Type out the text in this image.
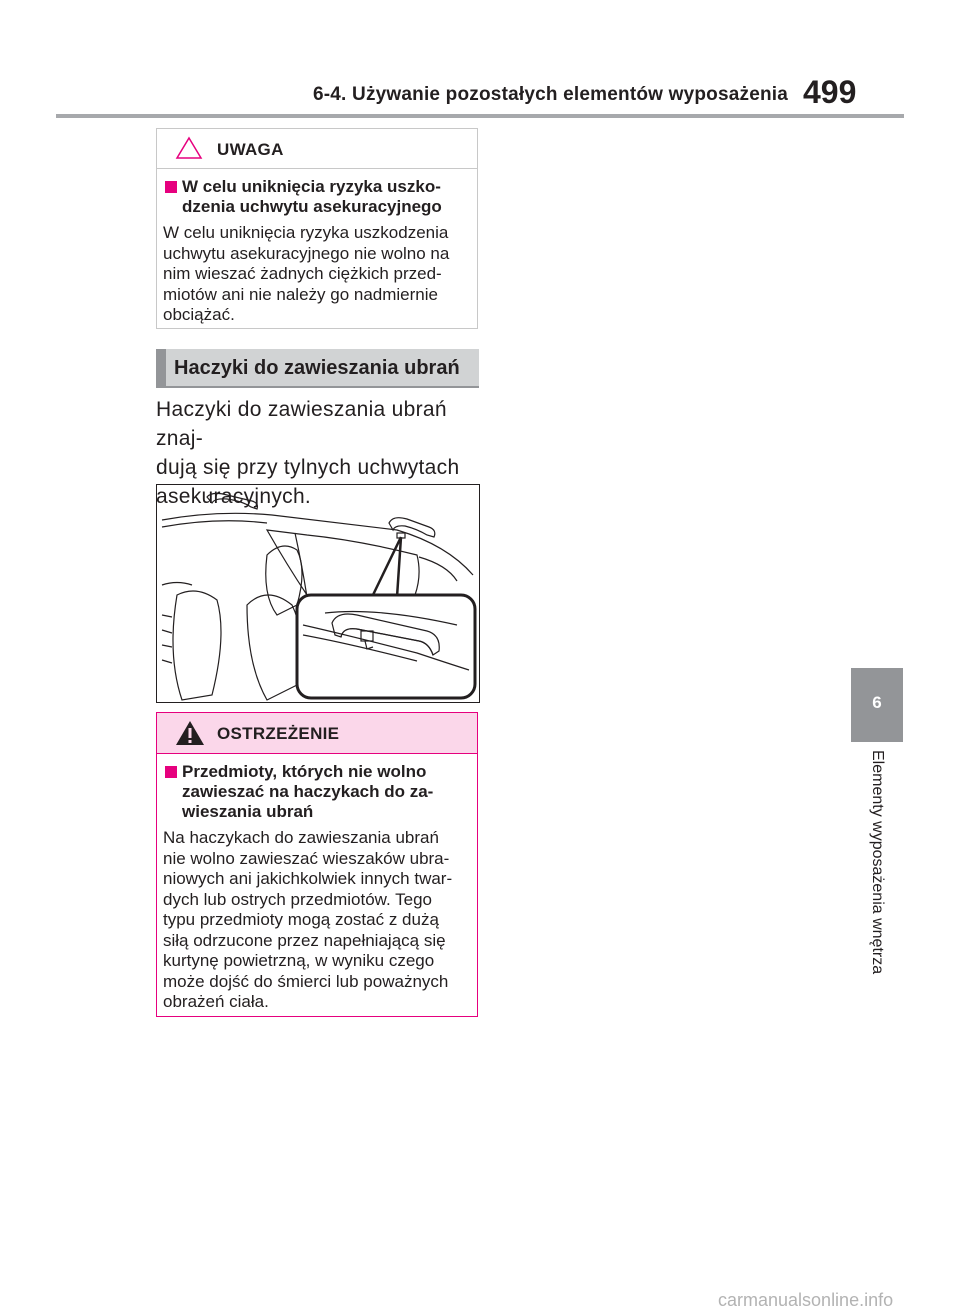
6-4. Używanie pozostałych elementów wyposażenia 499
UWAGA
W celu uniknięcia ryzyka uszko-
dzenia uchwytu asekuracyjnego
W celu uniknięcia ryzyka uszkodzenia
uchwytu asekuracyjnego nie wolno na
nim wieszać żadnych ciężkich przed-
miotów ani nie należy go nadmiernie
obciążać.
Haczyki do zawieszania ubrań
Haczyki do zawieszania ubrań znaj-
dują się przy tylnych uchwytach
asekuracyjnych.
OSTRZEŻENIE
Przedmioty, których nie wolno
zawieszać na haczykach do za-
wieszania ubrań
Na haczykach do zawieszania ubrań
nie wolno zawieszać wieszaków ubra-
niowych ani jakichkolwiek innych twar-
dych lub ostrych przedmiotów. Tego
typu przedmioty mogą zostać z dużą
siłą odrzucone przez napełniającą się
kurtynę powietrzną, w wyniku czego
może dojść do śmierci lub poważnych
obrażeń ciała.
6
Elementy wyposażenia wnętrza
carmanualsonline.info
